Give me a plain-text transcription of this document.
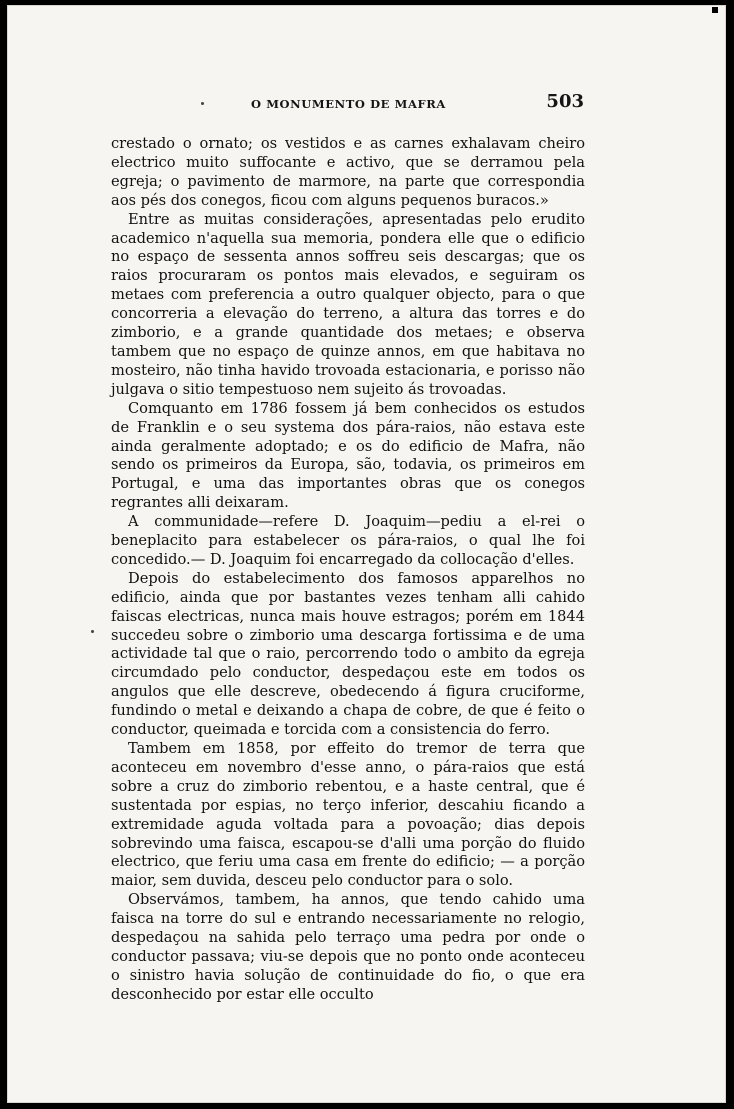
O MONUMENTO DE MAFRA	503

crestado o ornato; os vestidos e as carnes exhalavam cheiro electrico muito suffocante e activo, que se derramou pela egreja; o pavimento de marmore, na parte que correspondia aos pés dos conegos, ficou com alguns pequenos buracos.»

Entre as muitas considerações, apresentadas pelo erudito academico n'aquella sua memoria, pondera elle que o edificio no espaço de sessenta annos soffreu seis descargas; que os raios procuraram os pontos mais elevados, e seguiram os metaes com preferencia a outro qualquer objecto, para o que concorreria a elevação do terreno, a altura das torres e do zimborio, e a grande quantidade dos metaes; e observa tambem que no espaço de quinze annos, em que habitava no mosteiro, não tinha havido trovoada estacionaria, e porisso não julgava o sitio tempestuoso nem sujeito ás trovoadas.

Comquanto em 1786 fossem já bem conhecidos os estudos de Franklin e o seu systema dos pára-raios, não estava este ainda geralmente adoptado; e os do edificio de Mafra, não sendo os primeiros da Europa, são, todavia, os primeiros em Portugal, e uma das importantes obras que os conegos regrantes alli deixaram.

A communidade—refere D. Joaquim—pediu a el-rei o beneplacito para estabelecer os pára-raios, o qual lhe foi concedido.— D. Joaquim foi encarregado da collocação d'elles.

Depois do estabelecimento dos famosos apparelhos no edificio, ainda que por bastantes vezes tenham alli cahido faiscas electricas, nunca mais houve estragos; porém em 1844 succedeu sobre o zimborio uma descarga fortissima e de uma actividade tal que o raio, percorrendo todo o ambito da egreja circumdado pelo conductor, despedaçou este em todos os angulos que elle descreve, obedecendo á figura cruciforme, fundindo o metal e deixando a chapa de cobre, de que é feito o conductor, queimada e torcida com a consistencia do ferro.

Tambem em 1858, por effeito do tremor de terra que aconteceu em novembro d'esse anno, o pára-raios que está sobre a cruz do zimborio rebentou, e a haste central, que é sustentada por espias, no terço inferior, descahiu ficando a extremidade aguda voltada para a povoação; dias depois sobrevindo uma faisca, escapou-se d'alli uma porção do fluido electrico, que feriu uma casa em frente do edificio; — a porção maior, sem duvida, desceu pelo conductor para o solo.

Observámos, tambem, ha annos, que tendo cahido uma faisca na torre do sul e entrando necessariamente no relogio, despedaçou na sahida pelo terraço uma pedra por onde o conductor passava; viu-se depois que no ponto onde aconteceu o sinistro havia solução de continuidade do fio, o que era desconhecido por estar elle occulto
